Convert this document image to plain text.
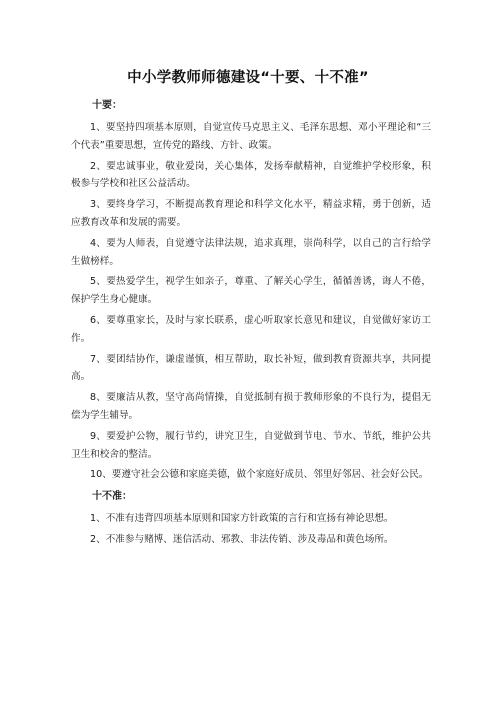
中小学教师师德建设“十要、十不准”
十要：

1、要坚持四项基本原则，自觉宣传马克思主义、毛泽东思想、邓小平理论和“三个代表”重要思想，宣传党的路线、方针、政策。

2、要忠诚事业，敬业爱岗，关心集体，发扬奉献精神，自觉维护学校形象，积极参与学校和社区公益活动。

3、要终身学习，不断提高教育理论和科学文化水平，精益求精，勇于创新，适应教育改革和发展的需要。

4、要为人师表，自觉遵守法律法规，追求真理，崇尚科学，以自己的言行给学生做榜样。

5、要热爱学生，视学生如亲子，尊重、了解关心学生，循循善诱，诲人不倦，保护学生身心健康。

6、要尊重家长，及时与家长联系，虚心听取家长意见和建议，自觉做好家访工作。

7、要团结协作，谦虚谨慎，相互帮助，取长补短，做到教育资源共享，共同提高。

8、要廉洁从教，坚守高尚情操，自觉抵制有损于教师形象的不良行为，提倡无偿为学生辅导。

9、要爱护公物，履行节约，讲究卫生，自觉做到节电、节水、节纸，维护公共卫生和校舍的整洁。

10、要遵守社会公德和家庭美德，做个家庭好成员、邻里好邻居、社会好公民。

十不准：

1、不准有违背四项基本原则和国家方针政策的言行和宣扬有神论思想。

2、不准参与赌博、迷信活动、邪教、非法传销、涉及毒品和黄色场所。
